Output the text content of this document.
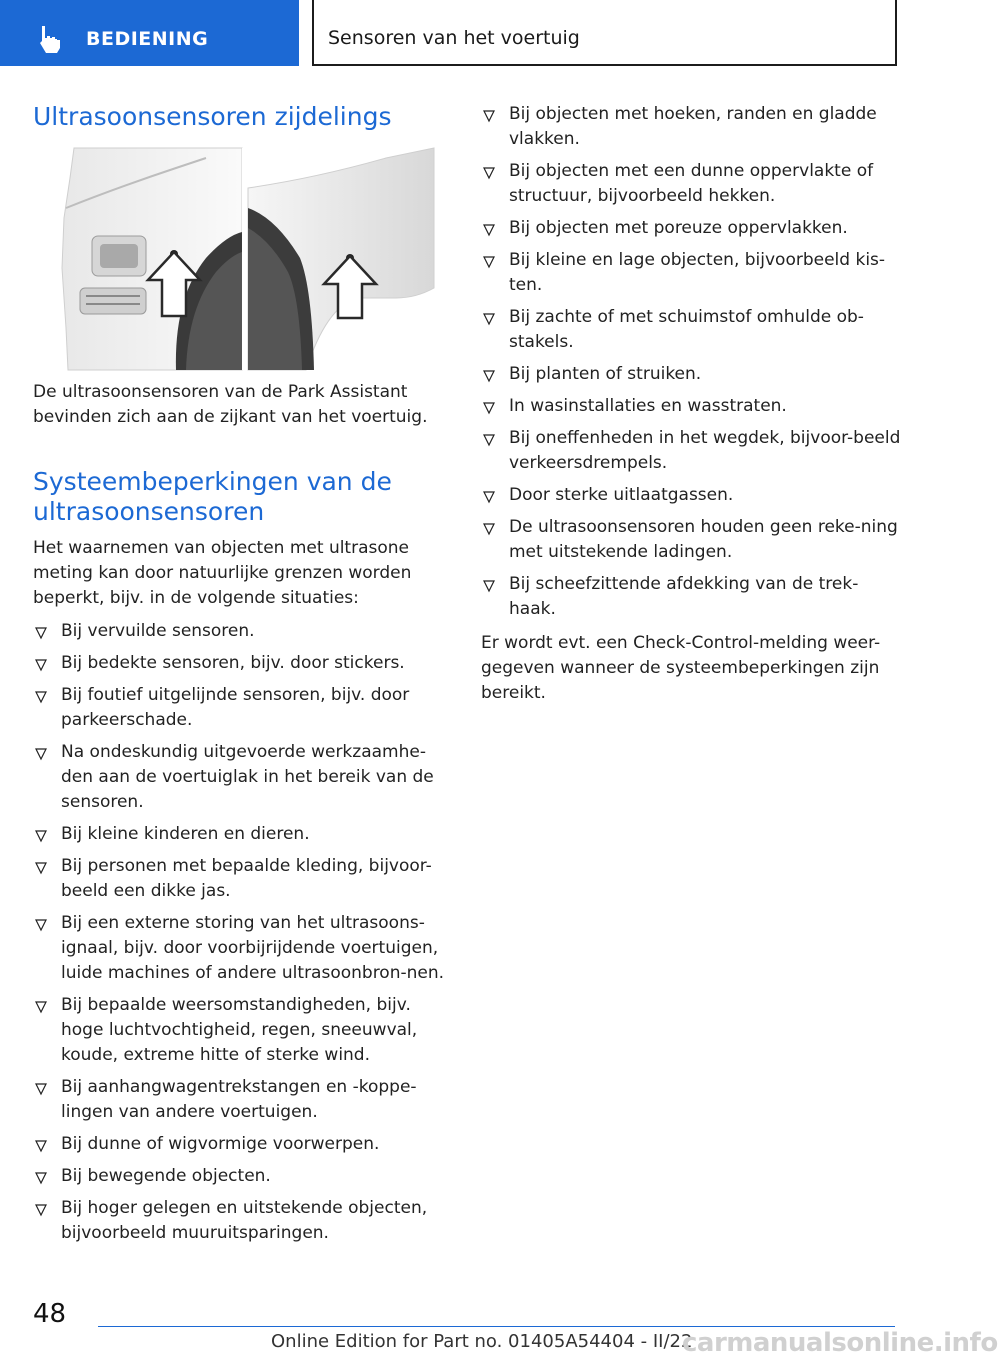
BEDIENING	Sensoren van het voertuig
Ultrasoonsensoren zijdelings

De ultrasoonsensoren van de Park Assistant bevinden zich aan de zijkant van het voertuig.

Systeembeperkingen van de ultrasoonsensoren

Het waarnemen van objecten met ultrasone meting kan door natuurlijke grenzen worden beperkt, bijv. in de volgende situaties:

Bij vervuilde sensoren.
Bij bedekte sensoren, bijv. door stickers.
Bij foutief uitgelijnde sensoren, bijv. door parkeerschade.
Na ondeskundig uitgevoerde werkzaamhe-den aan de voertuiglak in het bereik van de sensoren.
Bij kleine kinderen en dieren.
Bij personen met bepaalde kleding, bijvoor-beeld een dikke jas.
Bij een externe storing van het ultrasoons-ignaal, bijv. door voorbijrijdende voertuigen, luide machines of andere ultrasoonbron-nen.
Bij bepaalde weersomstandigheden, bijv. hoge luchtvochtigheid, regen, sneeuwval, koude, extreme hitte of sterke wind.
Bij aanhangwagentrekstangen en -koppe-lingen van andere voertuigen.
Bij dunne of wigvormige voorwerpen.
Bij bewegende objecten.
Bij hoger gelegen en uitstekende objecten, bijvoorbeeld muuruitsparingen.
Bij objecten met hoeken, randen en gladde vlakken.
Bij objecten met een dunne oppervlakte of structuur, bijvoorbeeld hekken.
Bij objecten met poreuze oppervlakken.
Bij kleine en lage objecten, bijvoorbeeld kis-ten.
Bij zachte of met schuimstof omhulde ob-stakels.
Bij planten of struiken.
In wasinstallaties en wasstraten.
Bij oneffenheden in het wegdek, bijvoor-beeld verkeersdrempels.
Door sterke uitlaatgassen.
De ultrasoonsensoren houden geen reke-ning met uitstekende ladingen.
Bij scheefzittende afdekking van de trek-haak.

Er wordt evt. een Check-Control-melding weer-gegeven wanneer de systeembeperkingen zijn bereikt.

48
Online Edition for Part no. 01405A54404 - II/22
carmanualsonline.info
